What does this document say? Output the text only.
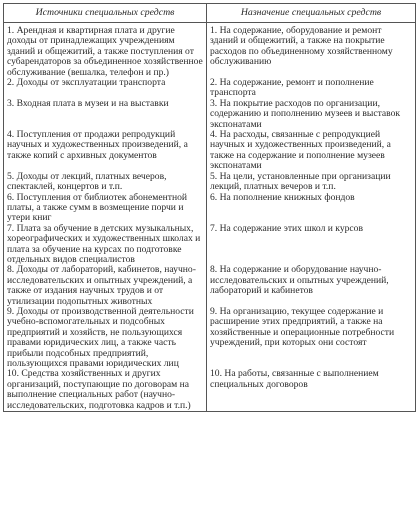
Источники специальных средств	Назначение специальных средств

1. Арендная и квартирная плата и другие доходы от принадлежащих учреждениям зданий и общежитий, а также поступления от субарендаторов за объединенное хозяйственное обслуживание (вешалка, телефон и пр.)	1. На содержание, оборудование и ремонт зданий и общежитий, а также на покрытие расходов по объединенному хозяйственному обслуживанию

2. Доходы от эксплуатации транспорта	2. На содержание, ремонт и пополнение транспорта

3. Входная плата в музеи и на выставки	3. На покрытие расходов по организации, содержанию и пополнению музеев и выставок экспонатами

4. Поступления от продажи репродукций научных и художественных произведений, а также копий с архивных документов	4. На расходы, связанные с репродукцией научных и художественных произведений, а также на содержание и пополнение музеев экспонатами

5. Доходы от лекций, платных вечеров, спектаклей, концертов и т.п.	5. На цели, установленные при организации лекций, платных вечеров и т.п.

6. Поступления от библиотек абонементной платы, а также сумм в возмещение порчи и утери книг	6. На пополнение книжных фондов

7. Плата за обучение в детских музыкальных, хореографических и художественных школах и плата за обучение на курсах по подготовке отдельных видов специалистов	7. На содержание этих школ и курсов

8. Доходы от лабораторий, кабинетов, научно-исследовательских и опытных учреждений, а также от издания научных трудов и от утилизации подопытных животных	8. На содержание и оборудование научно-исследовательских и опытных учреждений, лабораторий и кабинетов

9. Доходы от производственной деятельности учебно-вспомогательных и подсобных предприятий и хозяйств, не пользующихся правами юридических лиц, а также часть прибыли подсобных предприятий, пользующихся правами юридических лиц	9. На организацию, текущее содержание и расширение этих предприятий, а также на хозяйственные и операционные потребности учреждений, при которых они состоят

10. Средства хозяйственных и других организаций, поступающие по договорам на выполнение специальных работ (научно-исследовательских, подготовка кадров и т.п.)	10. На работы, связанные с выполнением специальных договоров
